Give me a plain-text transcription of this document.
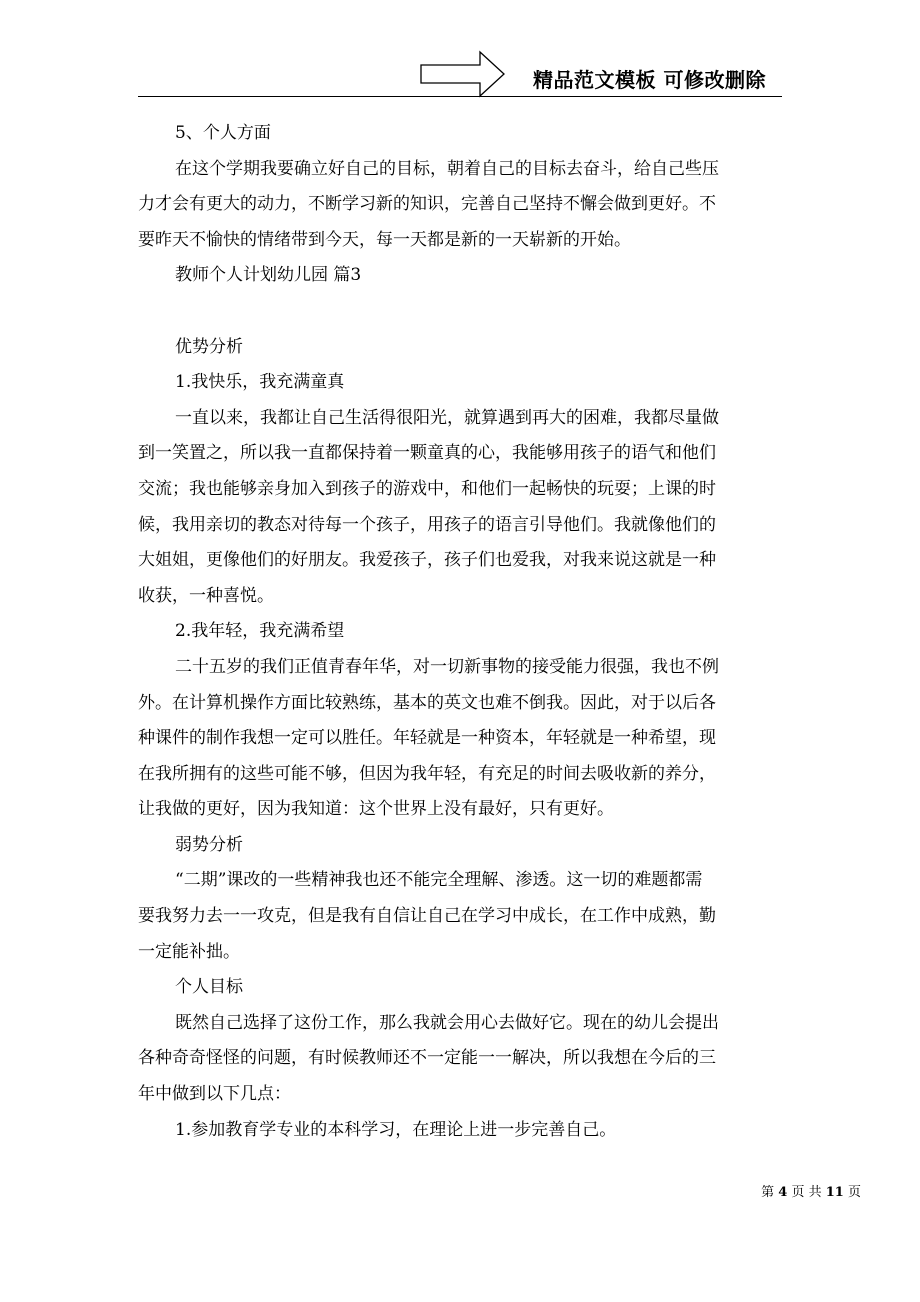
精品范文模板 可修改删除
5、个人方面
在这个学期我要确立好自己的目标，朝着自己的目标去奋斗，给自己些压
力才会有更大的动力，不断学习新的知识，完善自己坚持不懈会做到更好。不
要昨天不愉快的情绪带到今天，每一天都是新的一天崭新的开始。
教师个人计划幼儿园 篇3
优势分析
1.我快乐，我充满童真
一直以来，我都让自己生活得很阳光，就算遇到再大的困难，我都尽量做
到一笑置之，所以我一直都保持着一颗童真的心，我能够用孩子的语气和他们
交流；我也能够亲身加入到孩子的游戏中，和他们一起畅快的玩耍；上课的时
候，我用亲切的教态对待每一个孩子，用孩子的语言引导他们。我就像他们的
大姐姐，更像他们的好朋友。我爱孩子，孩子们也爱我，对我来说这就是一种
收获，一种喜悦。
2.我年轻，我充满希望
二十五岁的我们正值青春年华，对一切新事物的接受能力很强，我也不例
外。在计算机操作方面比较熟练，基本的英文也难不倒我。因此，对于以后各
种课件的制作我想一定可以胜任。年轻就是一种资本，年轻就是一种希望，现
在我所拥有的这些可能不够，但因为我年轻，有充足的时间去吸收新的养分，
让我做的更好，因为我知道：这个世界上没有最好，只有更好。
弱势分析
“二期”课改的一些精神我也还不能完全理解、渗透。这一切的难题都需
要我努力去一一攻克，但是我有自信让自己在学习中成长，在工作中成熟，勤
一定能补拙。
个人目标
既然自己选择了这份工作，那么我就会用心去做好它。现在的幼儿会提出
各种奇奇怪怪的问题，有时候教师还不一定能一一解决，所以我想在今后的三
年中做到以下几点：
1.参加教育学专业的本科学习，在理论上进一步完善自己。
第 4 页 共 11 页
